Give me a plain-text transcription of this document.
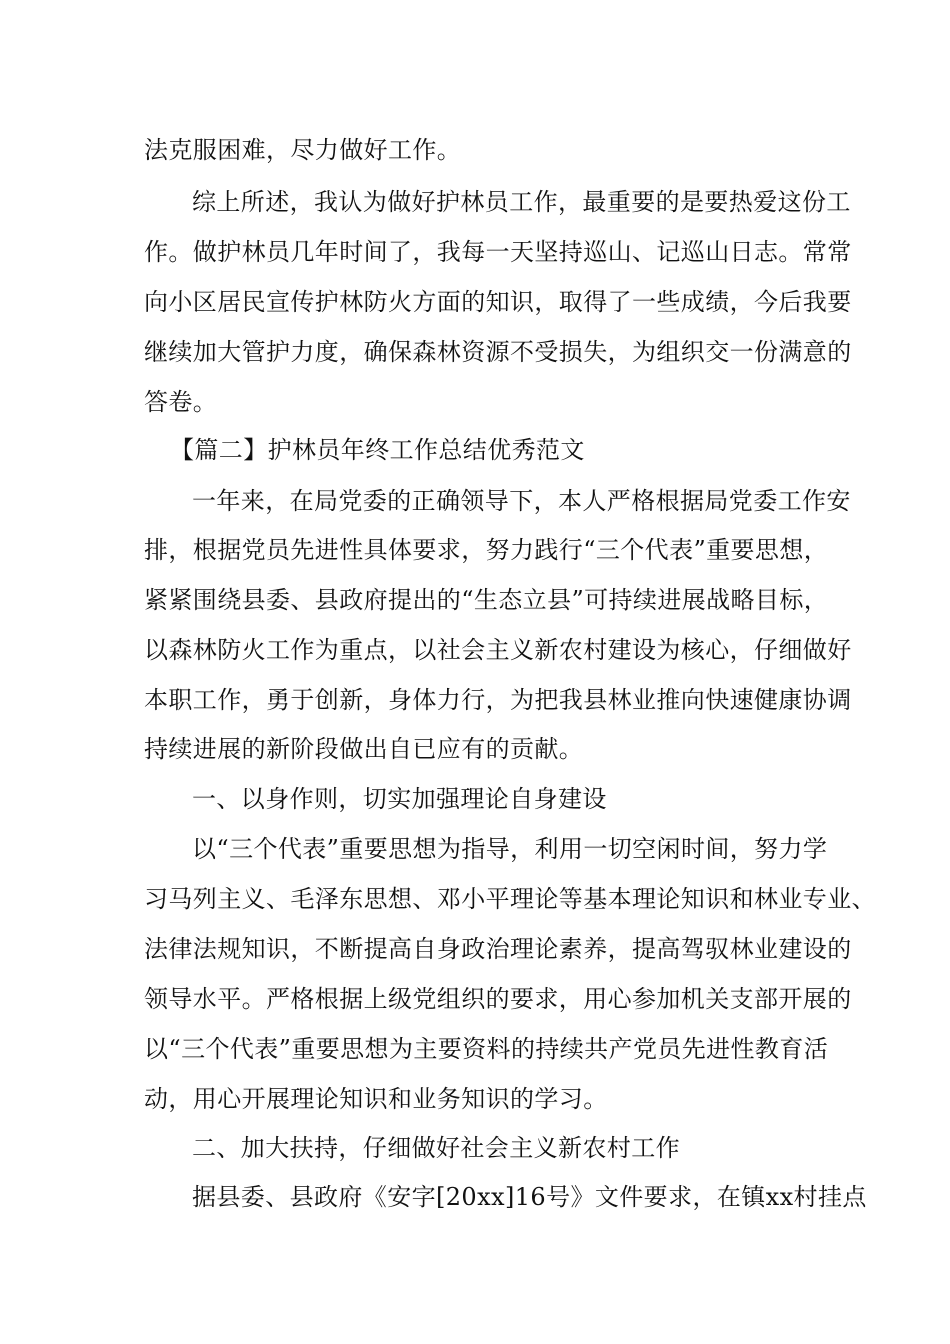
法克服困难，尽力做好工作。
综上所述，我认为做好护林员工作，最重要的是要热爱这份工
作。做护林员几年时间了，我每一天坚持巡山、记巡山日志。常常
向小区居民宣传护林防火方面的知识，取得了一些成绩，今后我要
继续加大管护力度，确保森林资源不受损失，为组织交一份满意的
答卷。
【篇二】护林员年终工作总结优秀范文
一年来，在局党委的正确领导下，本人严格根据局党委工作安
排，根据党员先进性具体要求，努力践行“三个代表”重要思想，
紧紧围绕县委、县政府提出的“生态立县”可持续进展战略目标，
以森林防火工作为重点，以社会主义新农村建设为核心，仔细做好
本职工作，勇于创新，身体力行，为把我县林业推向快速健康协调
持续进展的新阶段做出自已应有的贡献。
一、以身作则，切实加强理论自身建设
以“三个代表”重要思想为指导，利用一切空闲时间，努力学
习马列主义、毛泽东思想、邓小平理论等基本理论知识和林业专业、
法律法规知识，不断提高自身政治理论素养，提高驾驭林业建设的
领导水平。严格根据上级党组织的要求，用心参加机关支部开展的
以“三个代表”重要思想为主要资料的持续共产党员先进性教育活
动，用心开展理论知识和业务知识的学习。
二、加大扶持，仔细做好社会主义新农村工作
据县委、县政府《安字[20xx]16号》文件要求，在镇xx村挂点
